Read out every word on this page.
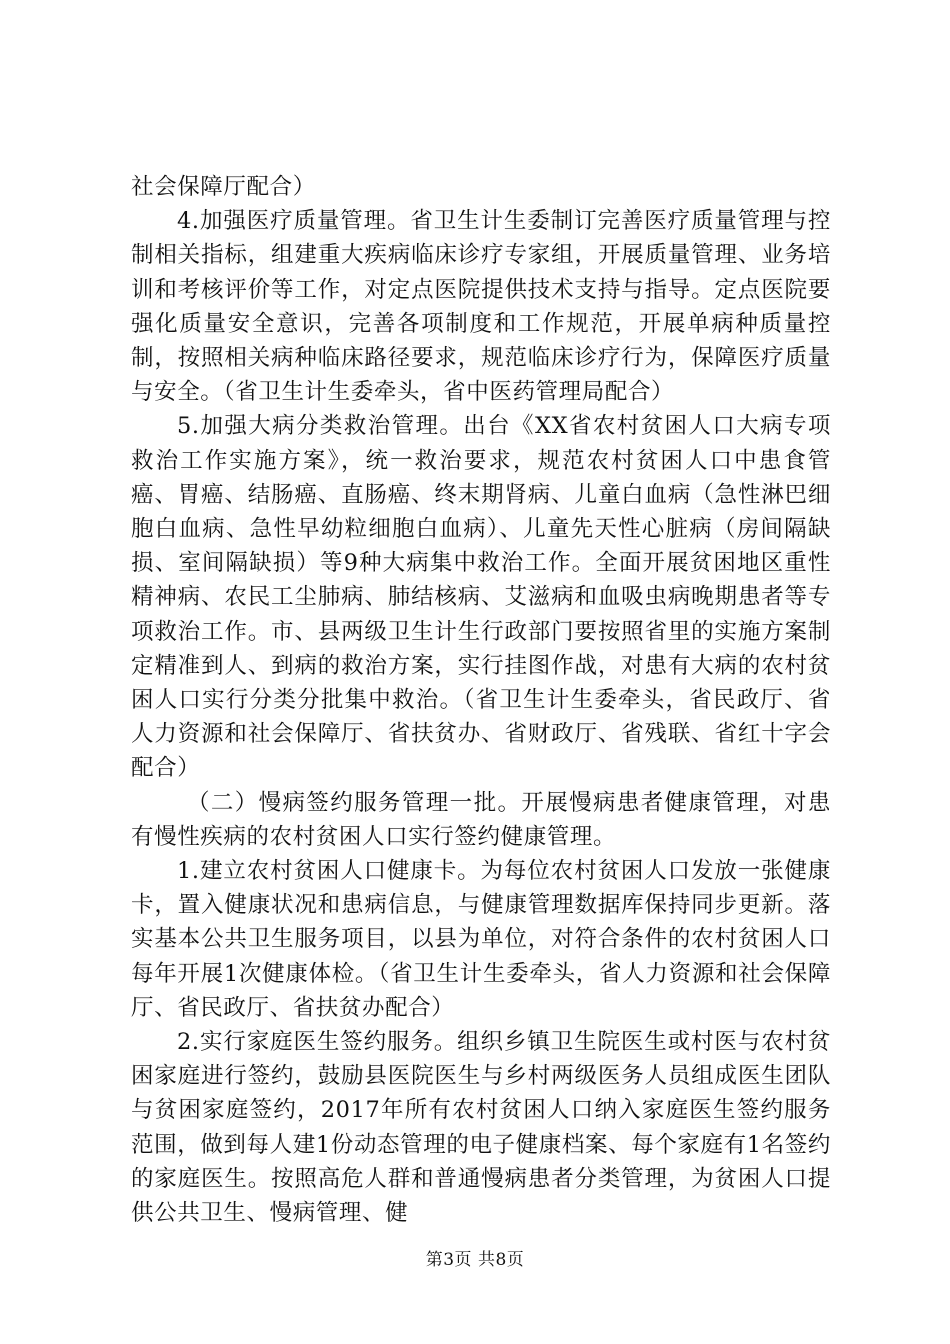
社会保障厅配合）

4.加强医疗质量管理。省卫生计生委制订完善医疗质量管理与控制相关指标，组建重大疾病临床诊疗专家组，开展质量管理、业务培训和考核评价等工作，对定点医院提供技术支持与指导。定点医院要强化质量安全意识，完善各项制度和工作规范，开展单病种质量控制，按照相关病种临床路径要求，规范临床诊疗行为，保障医疗质量与安全。（省卫生计生委牵头，省中医药管理局配合）

5.加强大病分类救治管理。出台《XX省农村贫困人口大病专项救治工作实施方案》，统一救治要求，规范农村贫困人口中患食管癌、胃癌、结肠癌、直肠癌、终末期肾病、儿童白血病（急性淋巴细胞白血病、急性早幼粒细胞白血病）、儿童先天性心脏病（房间隔缺损、室间隔缺损）等9种大病集中救治工作。全面开展贫困地区重性精神病、农民工尘肺病、肺结核病、艾滋病和血吸虫病晚期患者等专项救治工作。市、县两级卫生计生行政部门要按照省里的实施方案制定精准到人、到病的救治方案，实行挂图作战，对患有大病的农村贫困人口实行分类分批集中救治。（省卫生计生委牵头，省民政厅、省人力资源和社会保障厅、省扶贫办、省财政厅、省残联、省红十字会配合）

（二）慢病签约服务管理一批。开展慢病患者健康管理，对患有慢性疾病的农村贫困人口实行签约健康管理。

1.建立农村贫困人口健康卡。为每位农村贫困人口发放一张健康卡，置入健康状况和患病信息，与健康管理数据库保持同步更新。落实基本公共卫生服务项目，以县为单位，对符合条件的农村贫困人口每年开展1次健康体检。（省卫生计生委牵头，省人力资源和社会保障厅、省民政厅、省扶贫办配合）

2.实行家庭医生签约服务。组织乡镇卫生院医生或村医与农村贫困家庭进行签约，鼓励县医院医生与乡村两级医务人员组成医生团队与贫困家庭签约，2017年所有农村贫困人口纳入家庭医生签约服务范围，做到每人建1份动态管理的电子健康档案、每个家庭有1名签约的家庭医生。按照高危人群和普通慢病患者分类管理，为贫困人口提供公共卫生、慢病管理、健

第3页 共8页
